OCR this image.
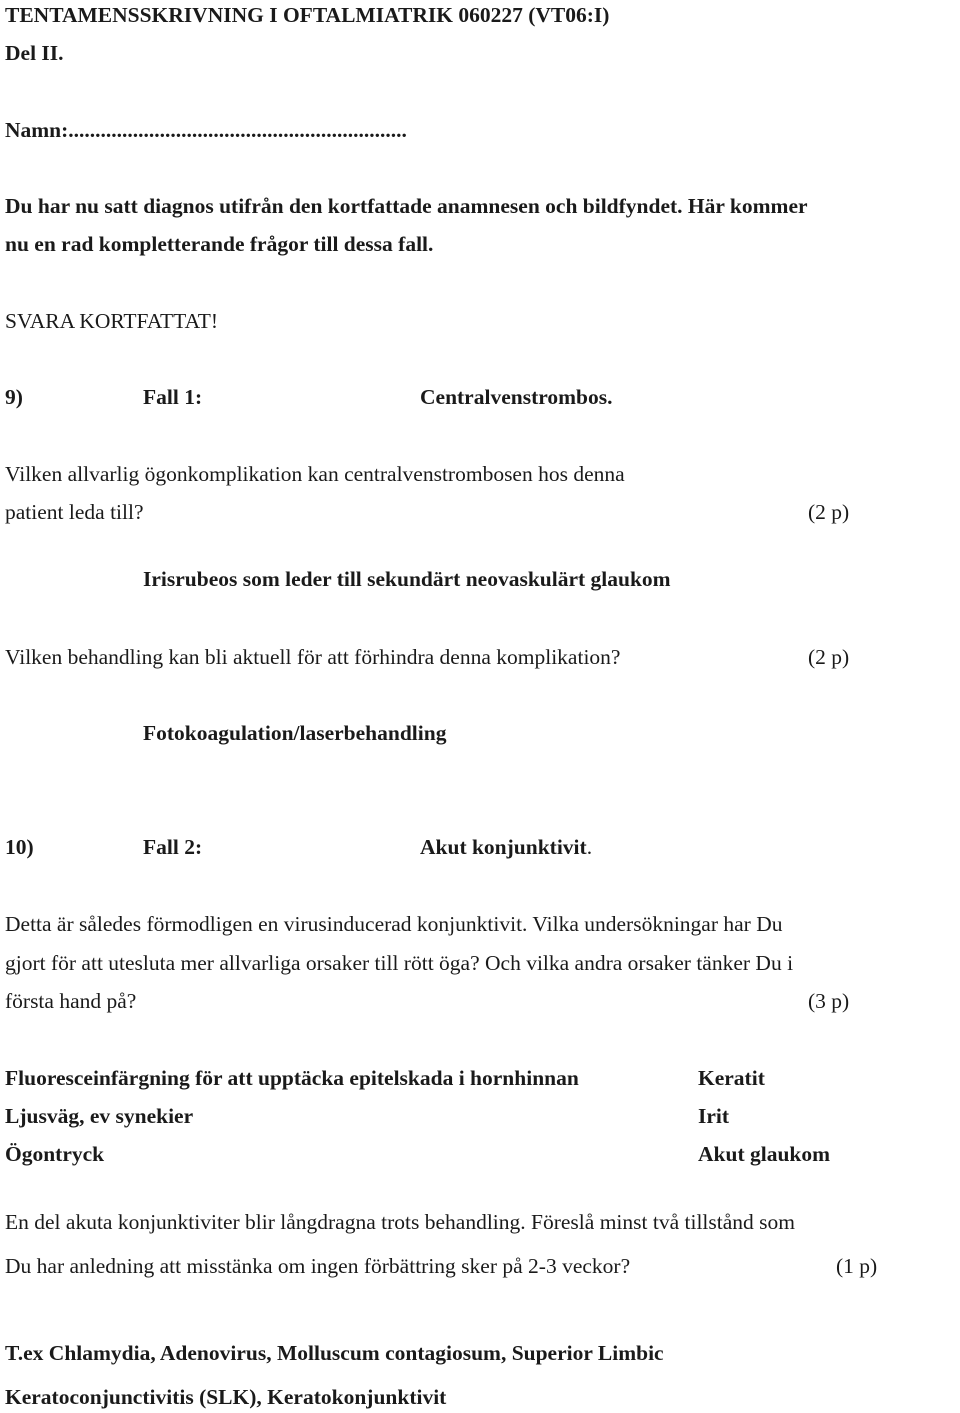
TENTAMENSSKRIVNING I OFTALMIATRIK 060227 (VT06:I)
Del II.
Namn:...............................................................
Du har nu satt diagnos utifrån den kortfattade anamnesen och bildfyndet. Här kommer
nu en rad kompletterande frågor till dessa fall.
SVARA KORTFATTAT!
9)	Fall 1:	Centralvenstrombos.
Vilken allvarlig ögonkomplikation kan centralvenstrombosen hos denna
patient leda till?	(2 p)
Irisrubeos som leder till sekundärt neovaskulärt glaukom
Vilken behandling kan bli aktuell för att förhindra denna komplikation?	(2 p)
Fotokoagulation/laserbehandling
10)	Fall 2:	Akut konjunktivit.
Detta är således förmodligen en virusinducerad konjunktivit. Vilka undersökningar har Du
gjort för att utesluta mer allvarliga orsaker till rött öga? Och vilka andra orsaker tänker Du i
första hand på?	(3 p)
Fluoresceinfärgning för att upptäcka epitelskada i hornhinnan	Keratit
Ljusväg, ev synekier	Irit
Ögontryck	Akut glaukom
En del akuta konjunktiviter blir långdragna trots behandling. Föreslå minst två tillstånd som
Du har anledning att misstänka om ingen förbättring sker på 2-3 veckor?	(1 p)
T.ex Chlamydia, Adenovirus, Molluscum contagiosum, Superior Limbic
Keratoconjunctivitis (SLK), Keratokonjunktivit
